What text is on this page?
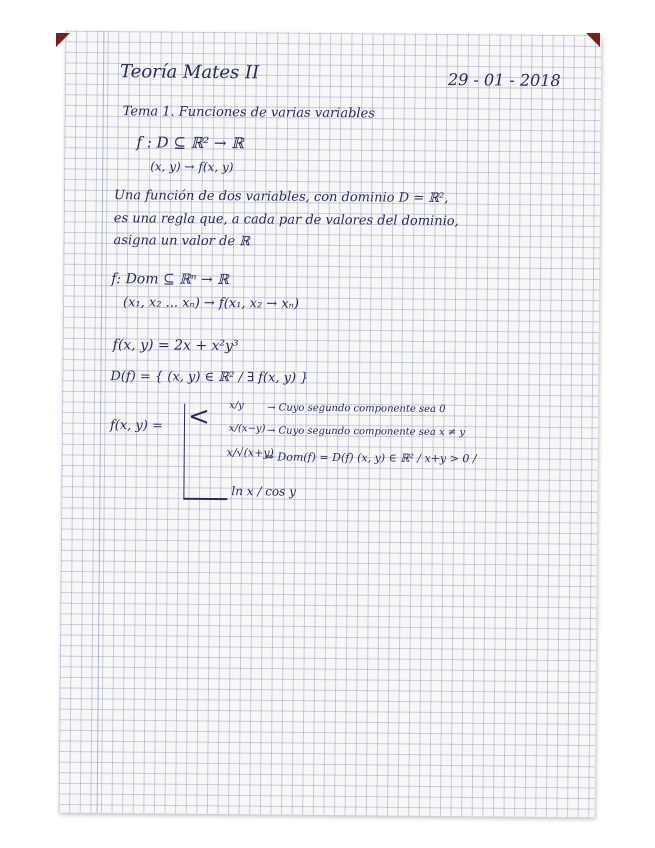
Teoría Mates II	29 - 01 - 2018
Tema 1. Funciones de varias variables
f : D ⊆ ℝ² → ℝ
(x, y) → f(x, y)
Una función de dos variables, con dominio D = ℝ²,
es una regla que, a cada par de valores del dominio,
asigna un valor de ℝ
f: Dom ⊆ ℝⁿ → ℝ
(x₁, x₂ ... xₙ) → f(x₁, x₂ → xₙ)
f(x, y) = 2x + x²y³
D(f) = { (x, y) ∈ ℝ² / ∃ f(x, y) }
f(x, y) = < x/y → Cuyo segundo componente sea 0
x/(x−y) → Cuyo segundo componente sea x ≠ y
x/√(x+y)
⇒ Dom(f) = D(f) (x, y) ∈ ℝ² / x+y > 0 /
ln x / cos y
